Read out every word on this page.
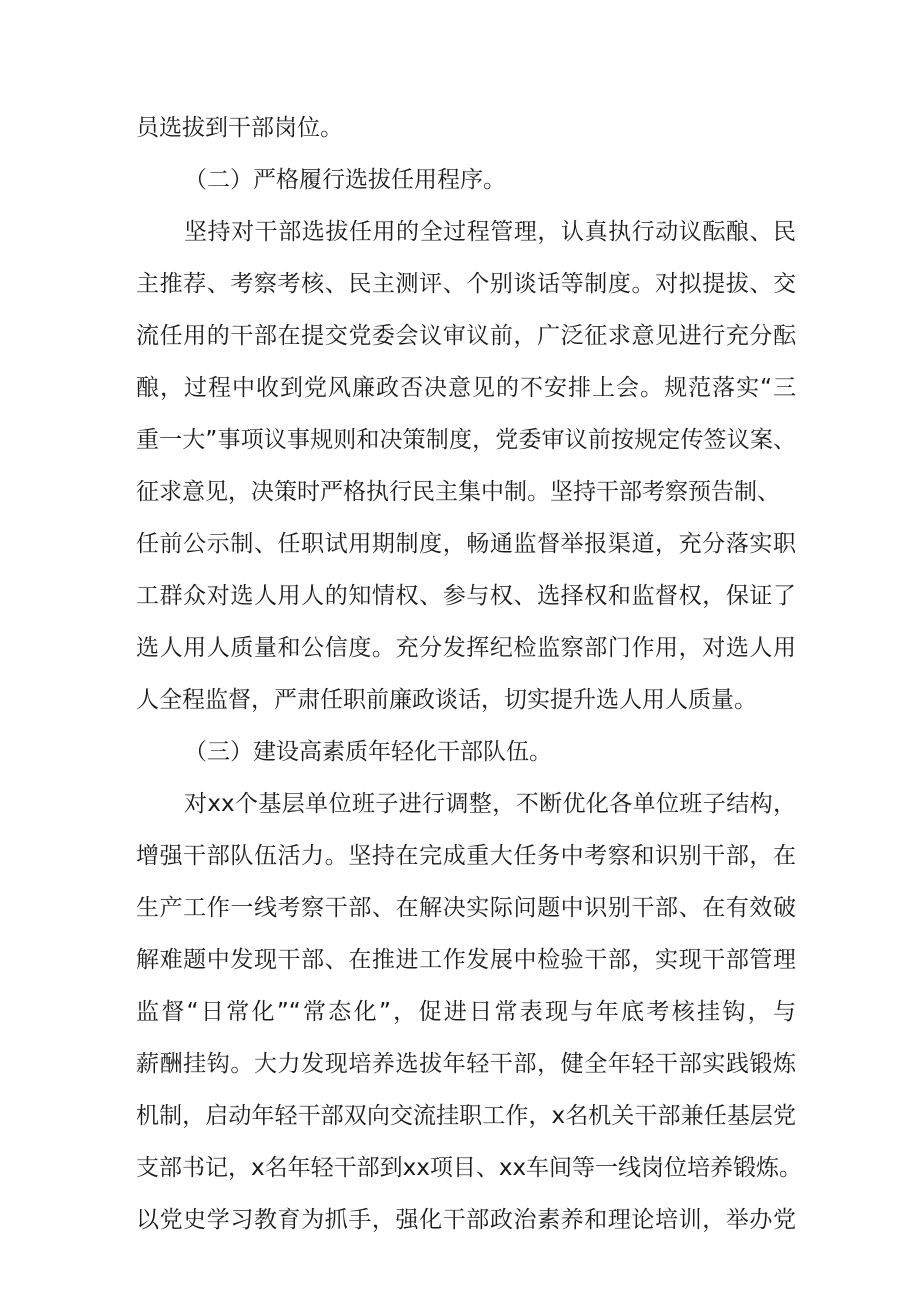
员选拔到干部岗位。
（二）严格履行选拔任用程序。
坚持对干部选拔任用的全过程管理，认真执行动议酝酿、民
主推荐、考察考核、民主测评、个别谈话等制度。对拟提拔、交
流任用的干部在提交党委会议审议前，广泛征求意见进行充分酝
酿，过程中收到党风廉政否决意见的不安排上会。规范落实“三
重一大”事项议事规则和决策制度，党委审议前按规定传签议案、
征求意见，决策时严格执行民主集中制。坚持干部考察预告制、
任前公示制、任职试用期制度，畅通监督举报渠道，充分落实职
工群众对选人用人的知情权、参与权、选择权和监督权，保证了
选人用人质量和公信度。充分发挥纪检监察部门作用，对选人用
人全程监督，严肃任职前廉政谈话，切实提升选人用人质量。
（三）建设高素质年轻化干部队伍。
对xx个基层单位班子进行调整，不断优化各单位班子结构，
增强干部队伍活力。坚持在完成重大任务中考察和识别干部，在
生产工作一线考察干部、在解决实际问题中识别干部、在有效破
解难题中发现干部、在推进工作发展中检验干部，实现干部管理
监督“日常化”“常态化”，促进日常表现与年底考核挂钩，与
薪酬挂钩。大力发现培养选拔年轻干部，健全年轻干部实践锻炼
机制，启动年轻干部双向交流挂职工作，x名机关干部兼任基层党
支部书记，x名年轻干部到xx项目、xx车间等一线岗位培养锻炼。
以党史学习教育为抓手，强化干部政治素养和理论培训，举办党
